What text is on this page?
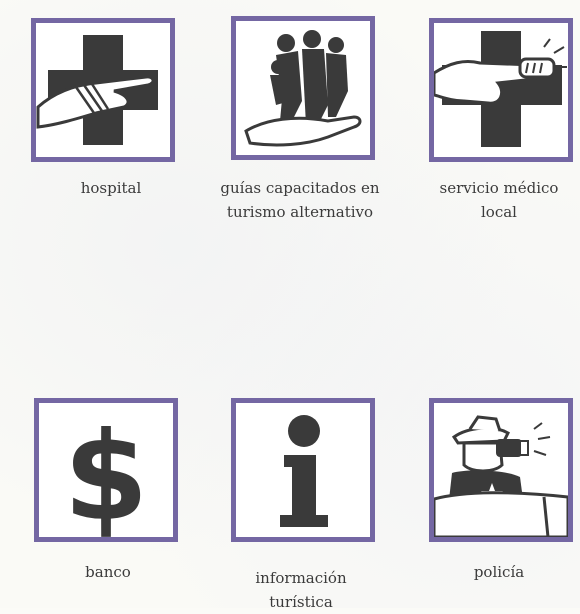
hospital	guías capacitados en
turismo alternativo
servicio médico
local
$
banco	información
turística
policía
